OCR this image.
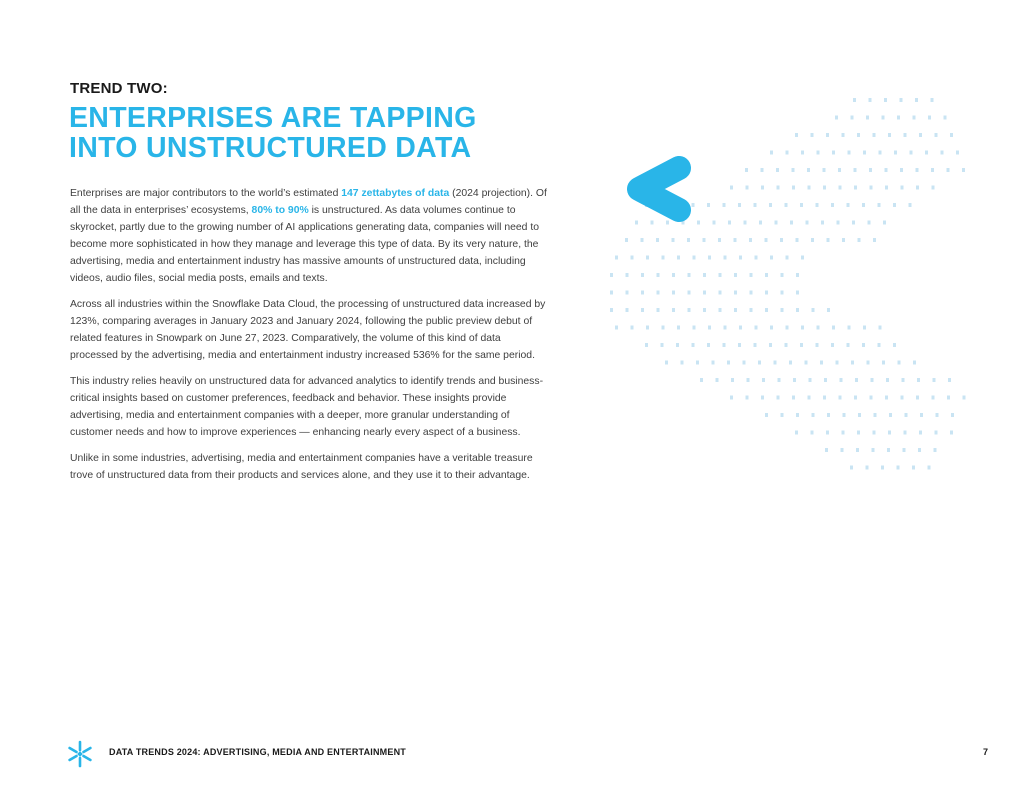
TREND TWO:
ENTERPRISES ARE TAPPING
INTO UNSTRUCTURED DATA

Enterprises are major contributors to the world’s estimated 147 zettabytes of data (2024 projection). Of all the data in enterprises’ ecosystems, 80% to 90% is unstructured. As data volumes continue to skyrocket, partly due to the growing number of AI applications generating data, companies will need to become more sophisticated in how they manage and leverage this type of data. By its very nature, the advertising, media and entertainment industry has massive amounts of unstructured data, including videos, audio files, social media posts, emails and texts.

Across all industries within the Snowflake Data Cloud, the processing of unstructured data increased by 123%, comparing averages in January 2023 and January 2024, following the public preview debut of related features in Snowpark on June 27, 2023. Comparatively, the volume of this kind of data processed by the advertising, media and entertainment industry increased 536% for the same period.

This industry relies heavily on unstructured data for advanced analytics to identify trends and business-critical insights based on customer preferences, feedback and behavior. These insights provide advertising, media and entertainment companies with a deeper, more granular understanding of customer needs and how to improve experiences — enhancing nearly every aspect of a business.

Unlike in some industries, advertising, media and entertainment companies have a veritable treasure trove of unstructured data from their products and services alone, and they use it to their advantage.

DATA TRENDS 2024: ADVERTISING, MEDIA AND ENTERTAINMENT	7
